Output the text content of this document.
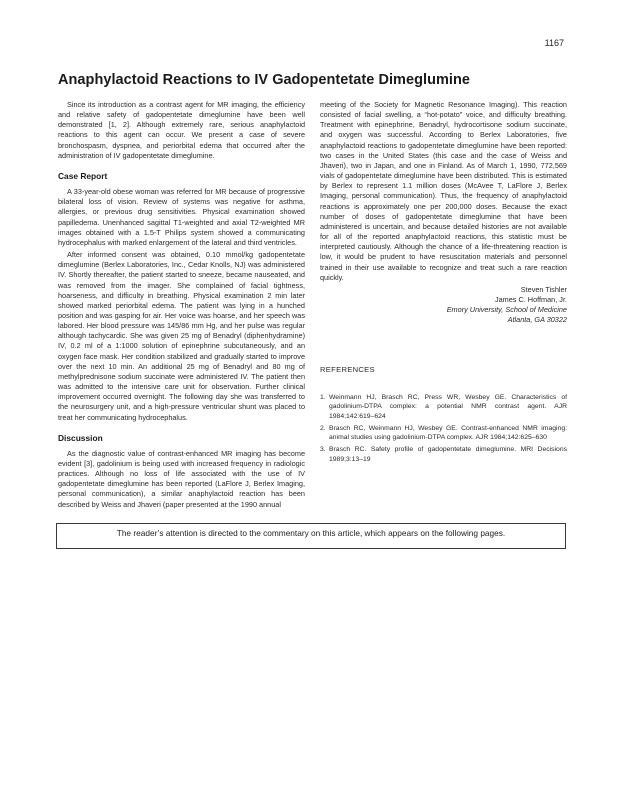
1167
Anaphylactoid Reactions to IV Gadopentetate Dimeglumine

Since its introduction as a contrast agent for MR imaging, the efficiency and relative safety of gadopentetate dimeglumine have been well demonstrated [1, 2]. Although extremely rare, serious anaphylactoid reactions to this agent can occur. We present a case of severe bronchospasm, dyspnea, and periorbital edema that occurred after the administration of IV gadopentetate dimeglumine.

Case Report

A 33-year-old obese woman was referred for MR because of progressive bilateral loss of vision. Review of systems was negative for asthma, allergies, or previous drug sensitivities. Physical examination showed papilledema. Unenhanced sagittal T1-weighted and axial T2-weighted MR images obtained with a 1.5-T Philips system showed a communicating hydrocephalus with marked enlargement of the lateral and third ventricles.

After informed consent was obtained, 0.10 mmol/kg gadopentetate dimeglumine (Berlex Laboratories, Inc., Cedar Knolls, NJ) was administered IV. Shortly thereafter, the patient started to sneeze, became nauseated, and was removed from the imager. She complained of facial tightness, hoarseness, and difficulty in breathing. Physical examination 2 min later showed marked periorbital edema. The patient was lying in a hunched position and was gasping for air. Her voice was hoarse, and her speech was labored. Her blood pressure was 145/86 mm Hg, and her pulse was regular although tachycardic. She was given 25 mg of Benadryl (diphenhydramine) IV, 0.2 ml of a 1:1000 solution of epinephrine subcutaneously, and an oxygen face mask. Her condition stabilized and gradually started to improve over the next 10 min. An additional 25 mg of Benadryl and 80 mg of methylprednisone sodium succinate were administered IV. The patient then was admitted to the intensive care unit for observation. Further clinical improvement occurred overnight. The following day she was transferred to the neurosurgery unit, and a high-pressure ventricular shunt was placed to treat her communicating hydrocephalus.

Discussion

As the diagnostic value of contrast-enhanced MR imaging has become evident [3], gadolinium is being used with increased frequency in radiologic practices. Although no loss of life associated with the use of IV gadopentetate dimeglumine has been reported (LaFlore J, Berlex Imaging, personal communication), a similar anaphylactoid reaction has been described by Weiss and Jhaveri (paper presented at the 1990 annual

meeting of the Society for Magnetic Resonance Imaging). This reaction consisted of facial swelling, a “hot-potato” voice, and difficulty breathing. Treatment with epinephrine, Benadryl, hydrocortisone sodium succinate, and oxygen was successful. According to Berlex Laboratories, five anaphylactoid reactions to gadopentetate dimeglumine have been reported: two cases in the United States (this case and the case of Weiss and Jhaveri), two in Japan, and one in Finland. As of March 1, 1990, 772,569 vials of gadopentetate dimeglumine have been distributed. This is estimated by Berlex to represent 1.1 million doses (McAvee T, LaFlore J, Berlex Imaging, personal communication). Thus, the frequency of anaphylactoid reactions is approximately one per 200,000 doses. Because the exact number of doses of gadopentetate dimeglumine that have been administered is uncertain, and because detailed histories are not available for all of the reported anaphylactoid reactions, this statistic must be interpreted cautiously. Although the chance of a life-threatening reaction is low, it would be prudent to have resuscitation materials and personnel trained in their use available to recognize and treat such a rare reaction quickly.

Steven Tishler
James C. Hoffman, Jr.
Emory University, School of Medicine
Atlanta, GA 30322
REFERENCES
1. Weinmann HJ, Brasch RC, Press WR, Wesbey GE. Characteristics of gadolinium-DTPA complex: a potential NMR contrast agent. AJR 1984;142:619–624
2. Brasch RC, Weinmann HJ, Wesbey GE. Contrast-enhanced NMR imaging: animal studies using gadolinium-DTPA complex. AJR 1984;142:625–630
3. Brasch RC. Safety profile of gadopentetate dimeglumine. MRI Decisions 1989;3:13–19
The reader’s attention is directed to the commentary on this article, which appears on the following pages.
